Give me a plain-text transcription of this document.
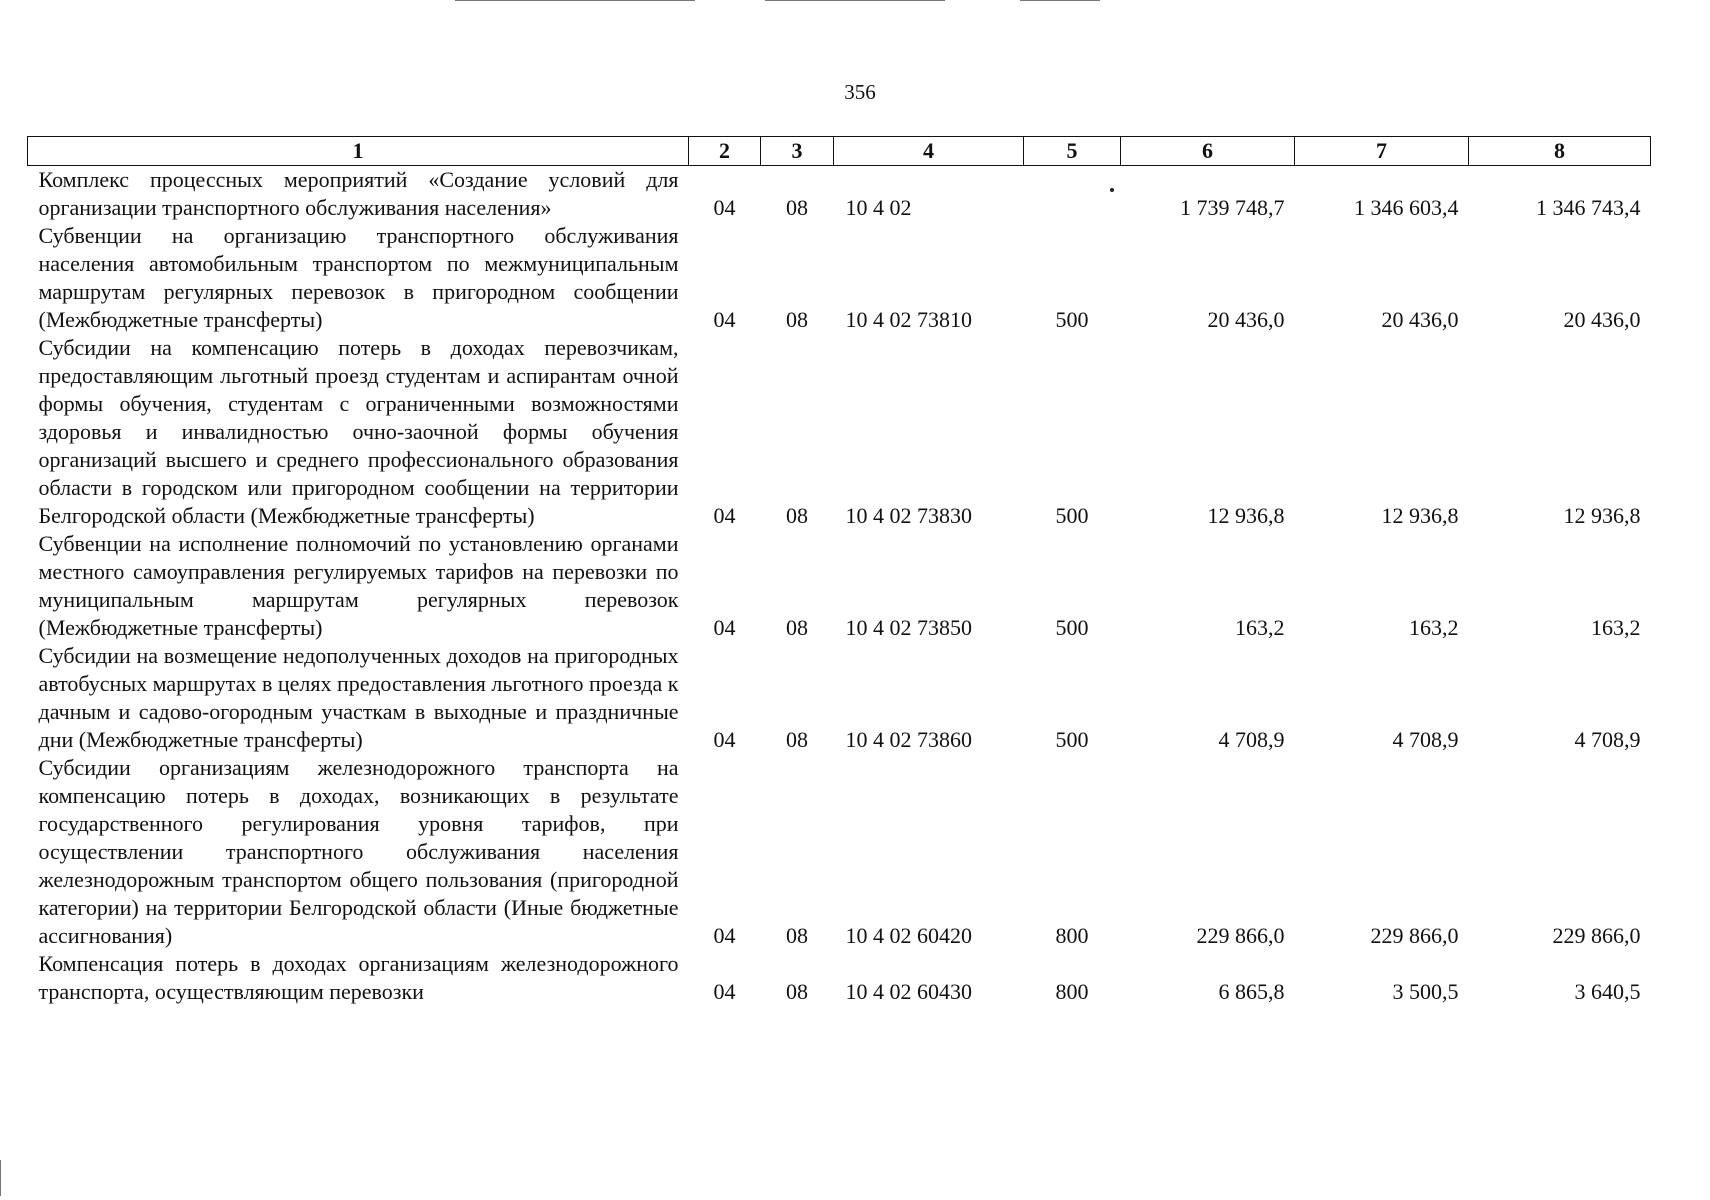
356
1	2	3	4	5	6	7	8
Комплекс процессных мероприятий «Создание условий для организации транспортного обслуживания населения»	04	08	10 4 02		1 739 748,7	1 346 603,4	1 346 743,4
Субвенции на организацию транспортного обслуживания населения автомобильным транспортом по межмуниципальным маршрутам регулярных перевозок в пригородном сообщении (Межбюджетные трансферты)	04	08	10 4 02 73810	500	20 436,0	20 436,0	20 436,0
Субсидии на компенсацию потерь в доходах перевозчикам, предоставляющим льготный проезд студентам и аспирантам очной формы обучения, студентам с ограниченными возможностями здоровья и инвалидностью очно-заочной формы обучения организаций высшего и среднего профессионального образования области в городском или пригородном сообщении на территории Белгородской области (Межбюджетные трансферты)	04	08	10 4 02 73830	500	12 936,8	12 936,8	12 936,8
Субвенции на исполнение полномочий по установлению органами местного самоуправления регулируемых тарифов на перевозки по муниципальным маршрутам регулярных перевозок (Межбюджетные трансферты)	04	08	10 4 02 73850	500	163,2	163,2	163,2
Субсидии на возмещение недополученных доходов на пригородных автобусных маршрутах в целях предоставления льготного проезда к дачным и садово-огородным участкам в выходные и праздничные дни (Межбюджетные трансферты)	04	08	10 4 02 73860	500	4 708,9	4 708,9	4 708,9
Субсидии организациям железнодорожного транспорта на компенсацию потерь в доходах, возникающих в результате государственного регулирования уровня тарифов, при осуществлении транспортного обслуживания населения железнодорожным транспортом общего пользования (пригородной категории) на территории Белгородской области (Иные бюджетные ассигнования)	04	08	10 4 02 60420	800	229 866,0	229 866,0	229 866,0
Компенсация потерь в доходах организациям железнодорожного транспорта, осуществляющим перевозки	04	08	10 4 02 60430	800	6 865,8	3 500,5	3 640,5
